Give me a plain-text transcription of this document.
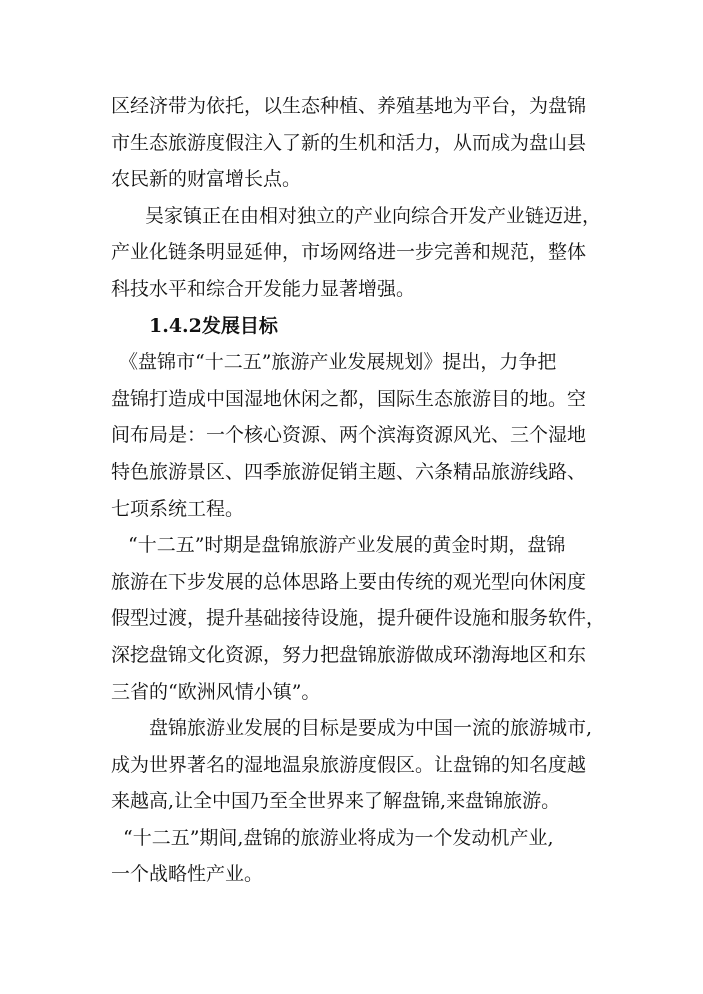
区经济带为依托，以生态种植、养殖基地为平台，为盘锦
市生态旅游度假注入了新的生机和活力，从而成为盘山县
农民新的财富增长点。
吴家镇正在由相对独立的产业向综合开发产业链迈进，
产业化链条明显延伸，市场网络进一步完善和规范，整体
科技水平和综合开发能力显著增强。
1.4.2发展目标
《盘锦市“十二五”旅游产业发展规划》提出，力争把
盘锦打造成中国湿地休闲之都，国际生态旅游目的地。空
间布局是：一个核心资源、两个滨海资源风光、三个湿地
特色旅游景区、四季旅游促销主题、六条精品旅游线路、
七项系统工程。
“十二五”时期是盘锦旅游产业发展的黄金时期，盘锦
旅游在下步发展的总体思路上要由传统的观光型向休闲度
假型过渡，提升基础接待设施，提升硬件设施和服务软件，
深挖盘锦文化资源，努力把盘锦旅游做成环渤海地区和东
三省的“欧洲风情小镇”。
盘锦旅游业发展的目标是要成为中国一流的旅游城市,
成为世界著名的湿地温泉旅游度假区。让盘锦的知名度越
来越高,让全中国乃至全世界来了解盘锦,来盘锦旅游。
“十二五”期间,盘锦的旅游业将成为一个发动机产业,
一个战略性产业。
